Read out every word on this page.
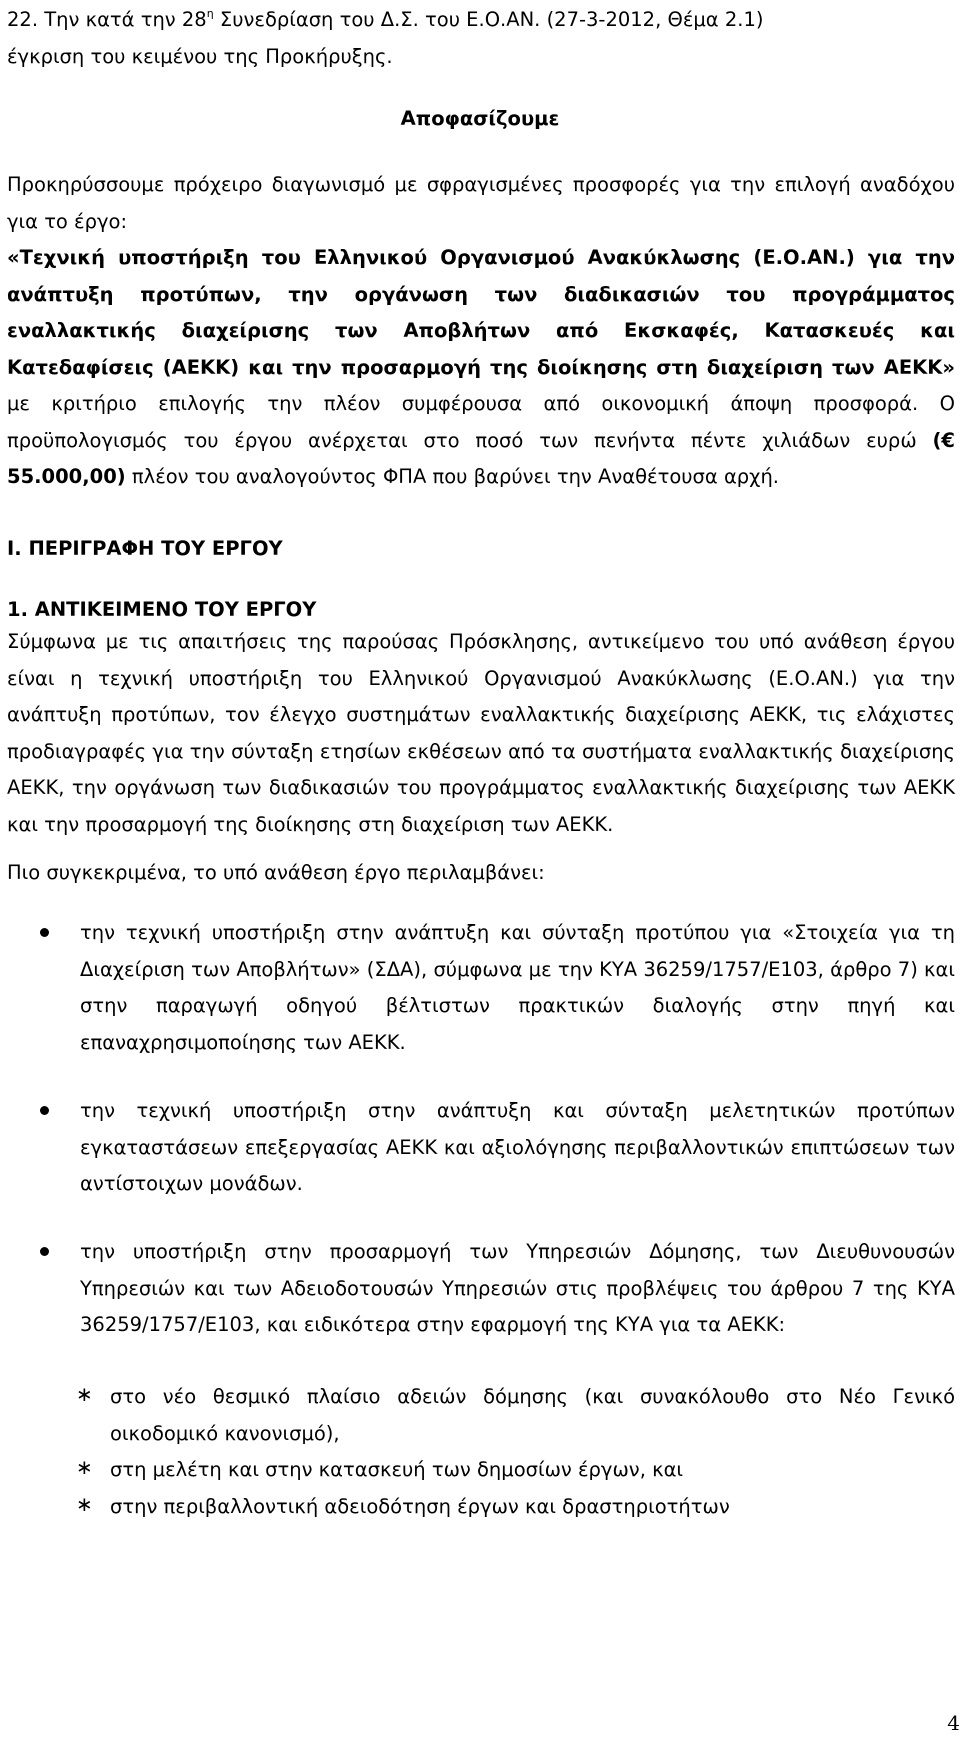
22. Την κατά την $28^\eta$ Συνεδρίαση του Δ.Σ. του Ε.Ο.ΑΝ. (27-3-2012, Θέμα 2.1)
έγκριση του κειμένου της Προκήρυξης.

Αποφασίζουμε

Προκηρύσσουμε πρόχειρο διαγωνισμό με σφραγισμένες προσφορές για την επιλογή αναδόχου για το έργο:

«Τεχνική υποστήριξη του Ελληνικού Οργανισμού Ανακύκλωσης (Ε.Ο.ΑΝ.) για την ανάπτυξη προτύπων, την οργάνωση των διαδικασιών του προγράμματος εναλλακτικής διαχείρισης των Αποβλήτων από Εκσκαφές, Κατασκευές και Κατεδαφίσεις (ΑΕΚΚ) και την προσαρμογή της διοίκησης στη διαχείριση των ΑΕΚΚ» με κριτήριο επιλογής την πλέον συμφέρουσα από οικονομική άποψη προσφορά. Ο προϋπολογισμός του έργου ανέρχεται στο ποσό των πενήντα πέντε χιλιάδων ευρώ (€ 55.000,00) πλέον του αναλογούντος ΦΠΑ που βαρύνει την Αναθέτουσα αρχή.

Ι. ΠΕΡΙΓΡΑΦΗ ΤΟΥ ΕΡΓΟΥ

1. ΑΝΤΙΚΕΙΜΕΝΟ ΤΟΥ ΕΡΓΟΥ

Σύμφωνα με τις απαιτήσεις της παρούσας Πρόσκλησης, αντικείμενο του υπό ανάθεση έργου είναι η τεχνική υποστήριξη του Ελληνικού Οργανισμού Ανακύκλωσης (Ε.Ο.ΑΝ.) για την ανάπτυξη προτύπων, τον έλεγχο συστημάτων εναλλακτικής διαχείρισης ΑΕΚΚ, τις ελάχιστες προδιαγραφές για την σύνταξη ετησίων εκθέσεων από τα συστήματα εναλλακτικής διαχείρισης ΑΕΚΚ, την οργάνωση των διαδικασιών του προγράμματος εναλλακτικής διαχείρισης των ΑΕΚΚ και την προσαρμογή της διοίκησης στη διαχείριση των ΑΕΚΚ.

Πιο συγκεκριμένα, το υπό ανάθεση έργο περιλαμβάνει:

την τεχνική υποστήριξη στην ανάπτυξη και σύνταξη προτύπου για «Στοιχεία για τη Διαχείριση των Αποβλήτων» (ΣΔΑ), σύμφωνα με την ΚΥΑ 36259/1757/Ε103, άρθρο 7) και στην παραγωγή οδηγού βέλτιστων πρακτικών διαλογής στην πηγή και επαναχρησιμοποίησης των ΑΕΚΚ.

την τεχνική υποστήριξη στην ανάπτυξη και σύνταξη μελετητικών προτύπων εγκαταστάσεων επεξεργασίας ΑΕΚΚ και αξιολόγησης περιβαλλοντικών επιπτώσεων των αντίστοιχων μονάδων.

την υποστήριξη στην προσαρμογή των Υπηρεσιών Δόμησης, των Διευθυνουσών Υπηρεσιών και των Αδειοδοτουσών Υπηρεσιών στις προβλέψεις του άρθρου 7 της ΚΥΑ 36259/1757/Ε103, και ειδικότερα στην εφαρμογή της ΚΥΑ για τα ΑΕΚΚ:

∗ στο νέο θεσμικό πλαίσιο αδειών δόμησης (και συνακόλουθο στο Νέο Γενικό οικοδομικό κανονισμό),

∗ στη μελέτη και στην κατασκευή των δημοσίων έργων, και

∗ στην περιβαλλοντική αδειοδότηση έργων και δραστηριοτήτων

4
